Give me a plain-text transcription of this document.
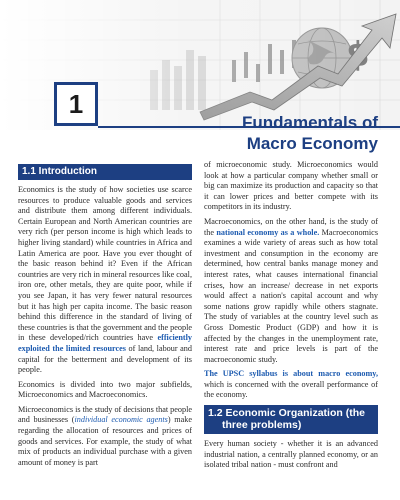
1
Fundamentals of
Macro Economy
1.1 Introduction

Economics is the study of how societies use scarce resources to produce valuable goods and services and distribute them among different individuals. Certain European and North American countries are very rich (per person income is high which leads to higher living standard) while countries in Africa and Latin America are poor. Have you ever thought of the basic reason behind it? Even if the African countries are very rich in mineral resources like coal, iron ore, other metals, they are quite poor, while if you see Japan, it has very fewer natural resources but it has high per capita income. The basic reason behind this difference in the standard of living of these countries is that the government and the people in these developed/rich countries have efficiently exploited the limited resources of land, labour and capital for the betterment and development of its people.

Economics is divided into two major subfields, Microeconomics and Macroeconomics.

Microeconomics is the study of decisions that people and businesses (individual economic agents) make regarding the allocation of resources and prices of goods and services. For example, the study of what mix of products an individual purchase with a given amount of money is part

of microeconomic study. Microeconomics would look at how a particular company whether small or big can maximize its production and capacity so that it can lower prices and better compete with its competitors in its industry.

Macroeconomics, on the other hand, is the study of the national economy as a whole. Macroeconomics examines a wide variety of areas such as how total investment and consumption in the economy are determined, how central banks manage money and interest rates, what causes international financial crises, how an increase/ decrease in net exports would affect a nation's capital account and why some nations grow rapidly while others stagnate. The study of variables at the country level such as Gross Domestic Product (GDP) and how it is affected by the changes in the unemployment rate, interest rate and price levels is part of the macroeconomic study.

The UPSC syllabus is about macro economy, which is concerned with the overall performance of the economy.

1.2 Economic Organization (the
three problems)

Every human society - whether it is an advanced industrial nation, a centrally planned economy, or an isolated tribal nation - must confront and
